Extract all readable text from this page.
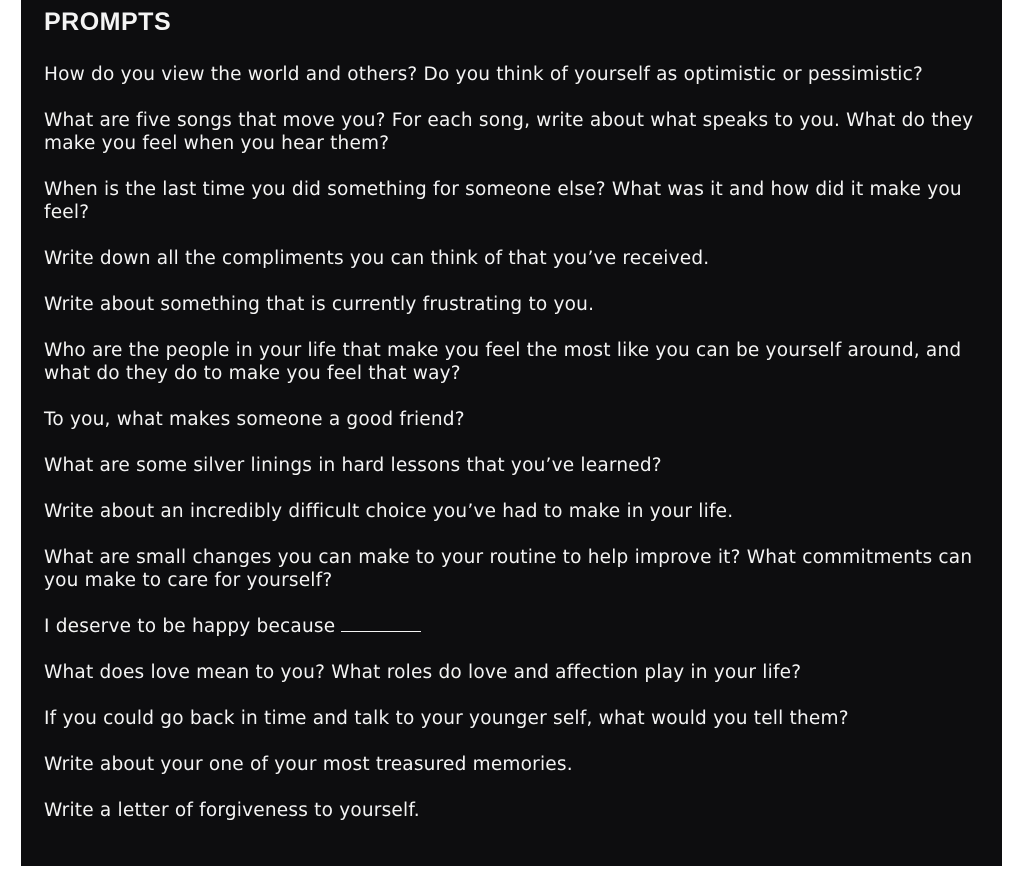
PROMPTS
How do you view the world and others? Do you think of yourself as optimistic or pessimistic?
What are five songs that move you? For each song, write about what speaks to you. What do they make you feel when you hear them?
When is the last time you did something for someone else? What was it and how did it make you feel?
Write down all the compliments you can think of that you’ve received.
Write about something that is currently frustrating to you.
Who are the people in your life that make you feel the most like you can be yourself around, and what do they do to make you feel that way?
To you, what makes someone a good friend?
What are some silver linings in hard lessons that you’ve learned?
Write about an incredibly difficult choice you’ve had to make in your life.
What are small changes you can make to your routine to help improve it? What commitments can you make to care for yourself?
I deserve to be happy because
What does love mean to you? What roles do love and affection play in your life?
If you could go back in time and talk to your younger self, what would you tell them?
Write about your one of your most treasured memories.
Write a letter of forgiveness to yourself.
